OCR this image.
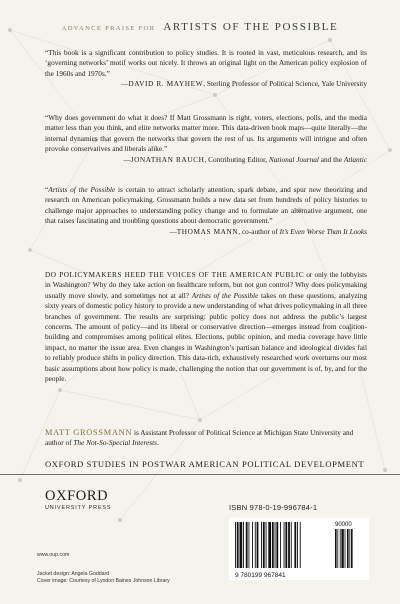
ADVANCE PRAISE FOR ARTISTS OF THE POSSIBLE
“This book is a significant contribution to policy studies. It is rooted in vast, meticulous research, and its ‘governing networks’ motif works out nicely. It throws an original light on the American policy explosion of the 1960s and 1970s.”
—DAVID R. MAYHEW, Sterling Professor of Political Science, Yale University
“Why does government do what it does? If Matt Grossmann is right, voters, elections, polls, and the media matter less than you think, and elite networks matter more. This data-driven book maps—quite literally—the internal dynamics that govern the networks that govern the rest of us. Its arguments will intrigue and often provoke conservatives and liberals alike.”
—JONATHAN RAUCH, Contributing Editor, National Journal and the Atlantic
“Artists of the Possible is certain to attract scholarly attention, spark debate, and spur new theorizing and research on American policymaking. Grossmann builds a new data set from hundreds of policy histories to challenge major approaches to understanding policy change and to formulate an alternative argument, one that raises fascinating and troubling questions about democratic government.”
—THOMAS MANN, co-author of It’s Even Worse Than It Looks
DO POLICYMAKERS HEED THE VOICES OF THE AMERICAN PUBLIC or only the lobbyists in Washington? Why do they take action on healthcare reform, but not gun control? Why does policymaking usually move slowly, and sometimes not at all? Artists of the Possible takes on these questions, analyzing sixty years of domestic policy history to provide a new understanding of what drives policymaking in all three branches of government. The results are surprising: public policy does not address the public’s largest concerns. The amount of policy—and its liberal or conservative direction—emerges instead from coalition-building and compromises among political elites. Elections, public opinion, and media coverage have little impact, no matter the issue area. Even changes in Washington’s partisan balance and ideological divides fail to reliably produce shifts in policy direction. This data-rich, exhaustively researched work overturns our most basic assumptions about how policy is made, challenging the notion that our government is of, by, and for the people.
MATT GROSSMANN is Assistant Professor of Political Science at Michigan State University and author of The Not-So-Special Interests.
OXFORD STUDIES IN POSTWAR AMERICAN POLITICAL DEVELOPMENT
OXFORD
UNIVERSITY PRESS	ISBN 978-0-19-996784-1
9 780199 967841
90000
www.oup.com
Jacket design: Angela Goddard
Cover image: Courtesy of Lyndon Baines Johnson Library
